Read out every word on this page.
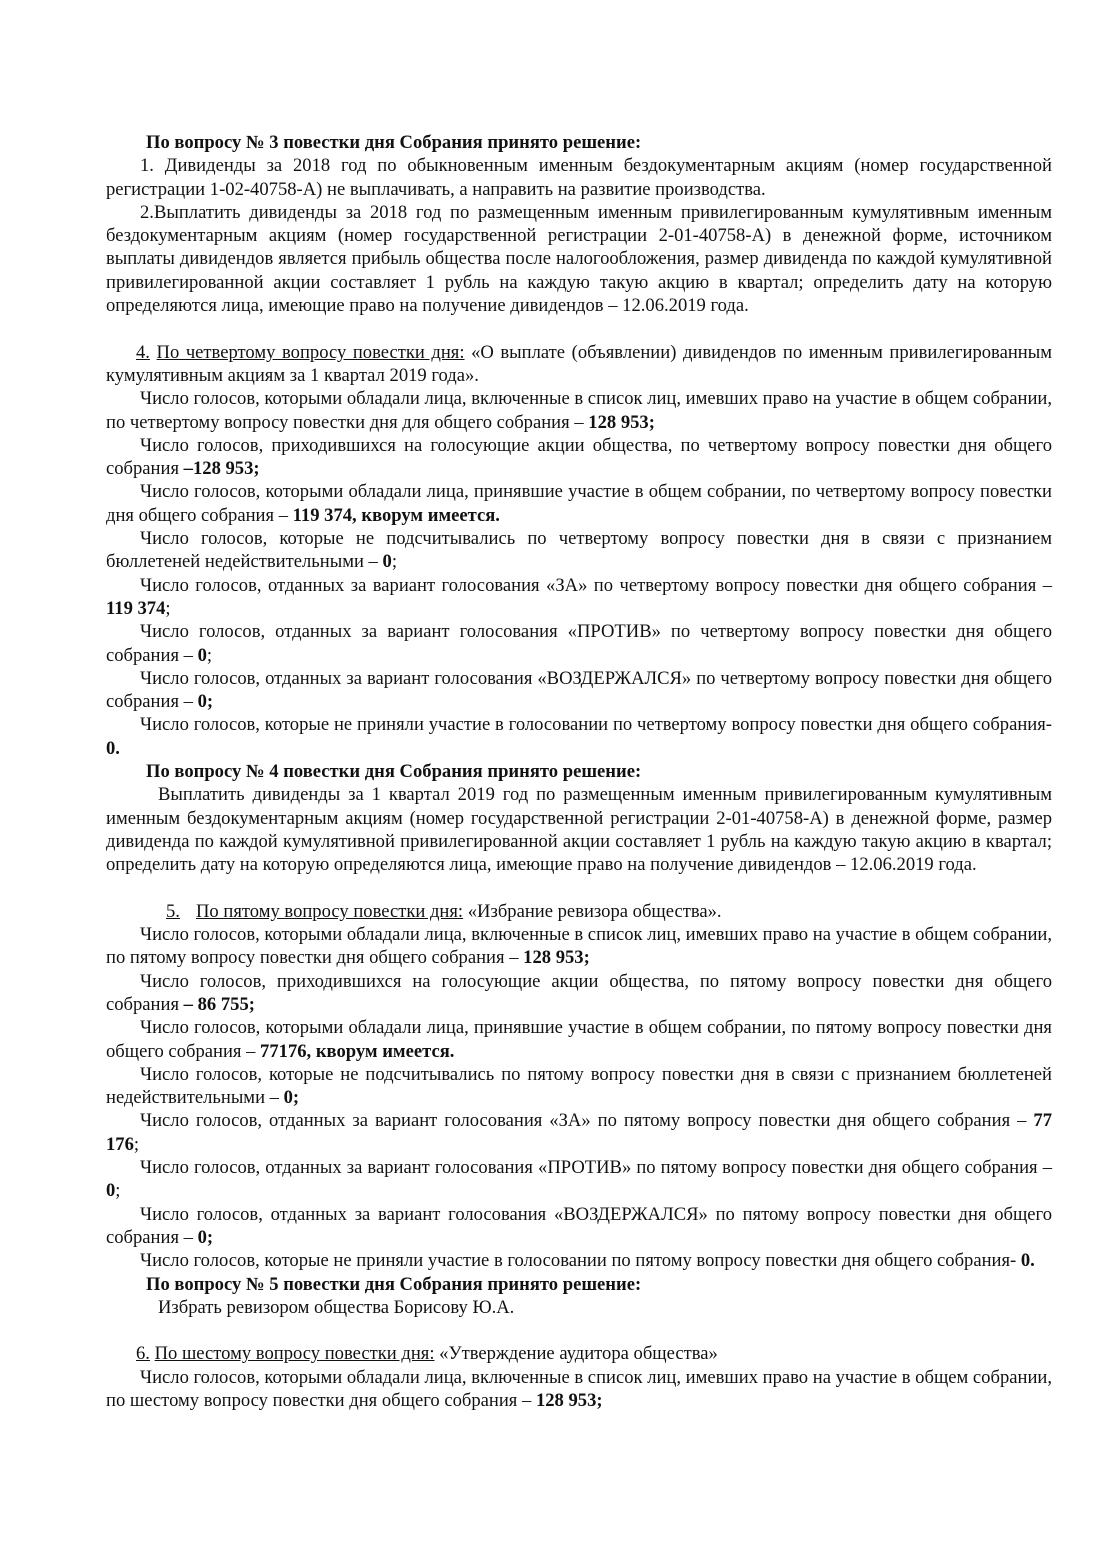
По вопросу № 3 повестки дня Собрания принято решение:

1. Дивиденды за 2018 год по обыкновенным именным бездокументарным акциям (номер государственной регистрации 1-02-40758-А) не выплачивать, а направить на развитие производства.

2.Выплатить дивиденды за 2018 год по размещенным именным привилегированным кумулятивным именным бездокументарным акциям (номер государственной регистрации 2-01-40758-А) в денежной форме, источником выплаты дивидендов является прибыль общества после налогообложения, размер дивиденда по каждой кумулятивной привилегированной акции составляет 1 рубль на каждую такую акцию в квартал; определить дату на которую определяются лица, имеющие право на получение дивидендов – 12.06.2019 года.

4. По четвертому вопросу повестки дня: «О выплате (объявлении) дивидендов по именным привилегированным кумулятивным акциям за 1 квартал 2019 года».

Число голосов, которыми обладали лица, включенные в список лиц, имевших право на участие в общем собрании, по четвертому вопросу повестки дня для общего собрания – 128 953;

Число голосов, приходившихся на голосующие акции общества, по четвертому вопросу повестки дня общего собрания –128 953;

Число голосов, которыми обладали лица, принявшие участие в общем собрании, по четвертому вопросу повестки дня общего собрания – 119 374, кворум имеется.

Число голосов, которые не подсчитывались по четвертому вопросу повестки дня в связи с признанием бюллетеней недействительными – 0;

Число голосов, отданных за вариант голосования «ЗА» по четвертому вопросу повестки дня общего собрания – 119 374;

Число голосов, отданных за вариант голосования «ПРОТИВ» по четвертому вопросу повестки дня общего собрания – 0;

Число голосов, отданных за вариант голосования «ВОЗДЕРЖАЛСЯ» по четвертому вопросу повестки дня общего собрания – 0;

Число голосов, которые не приняли участие в голосовании по четвертому вопросу повестки дня общего собрания- 0.

По вопросу № 4 повестки дня Собрания принято решение:

Выплатить дивиденды за 1 квартал 2019 год по размещенным именным привилегированным кумулятивным именным бездокументарным акциям (номер государственной регистрации 2-01-40758-А) в денежной форме, размер дивиденда по каждой кумулятивной привилегированной акции составляет 1 рубль на каждую такую акцию в квартал; определить дату на которую определяются лица, имеющие право на получение дивидендов – 12.06.2019 года.

5. По пятому вопросу повестки дня: «Избрание ревизора общества».

Число голосов, которыми обладали лица, включенные в список лиц, имевших право на участие в общем собрании, по пятому вопросу повестки дня общего собрания – 128 953;

Число голосов, приходившихся на голосующие акции общества, по пятому вопросу повестки дня общего собрания – 86 755;

Число голосов, которыми обладали лица, принявшие участие в общем собрании, по пятому вопросу повестки дня общего собрания – 77176, кворум имеется.

Число голосов, которые не подсчитывались по пятому вопросу повестки дня в связи с признанием бюллетеней недействительными – 0;

Число голосов, отданных за вариант голосования «ЗА» по пятому вопросу повестки дня общего собрания – 77 176;

Число голосов, отданных за вариант голосования «ПРОТИВ» по пятому вопросу повестки дня общего собрания – 0;

Число голосов, отданных за вариант голосования «ВОЗДЕРЖАЛСЯ» по пятому вопросу повестки дня общего собрания – 0;

Число голосов, которые не приняли участие в голосовании по пятому вопросу повестки дня общего собрания- 0.

По вопросу № 5 повестки дня Собрания принято решение:

Избрать ревизором общества Борисову Ю.А.

6. По шестому вопросу повестки дня: «Утверждение аудитора общества»

Число голосов, которыми обладали лица, включенные в список лиц, имевших право на участие в общем собрании, по шестому вопросу повестки дня общего собрания – 128 953;
